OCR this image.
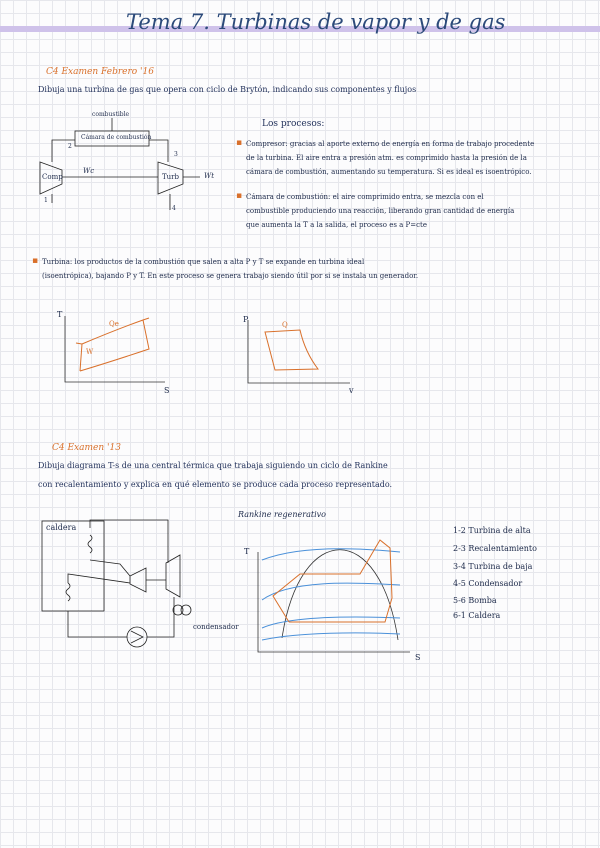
Tema 7. Turbinas de vapor y de gas
C4 Examen Febrero '16
Dibuja una turbina de gas que opera con ciclo de Brytón, indicando sus componentes y flujos
combustible
Cámara de combustión
Comp	Turb
Wc
Wt
1
2
3
4
Los procesos:
▪ Compresor: gracias al aporte externo de energía en forma de trabajo procedente
de la turbina. El aire entra a presión atm. es comprimido hasta la presión de la
cámara de combustión, aumentando su temperatura. Si es ideal es isoentrópico.
▪ Cámara de combustión: el aire comprimido entra, se mezcla con el
combustible produciendo una reacción, liberando gran cantidad de energía
que aumenta la T a la salida, el proceso es a P=cte
▪ Turbina: los productos de la combustión que salen a alta P y T se expande en turbina ideal
(isoentrópica), bajando P y T. En este proceso se genera trabajo siendo útil por si se instala un generador.
T
S
Qe
W
P
v
Q
C4 Examen '13
Dibuja diagrama T-s de una central térmica que trabaja siguiendo un ciclo de Rankine
con recalentamiento y explica en qué elemento se produce cada proceso representado.
Rankine regenerativo
caldera
condensador
T
S
1-2 Turbina de alta
2-3 Recalentamiento
3-4 Turbina de baja
4-5 Condensador
5-6 Bomba
6-1 Caldera
